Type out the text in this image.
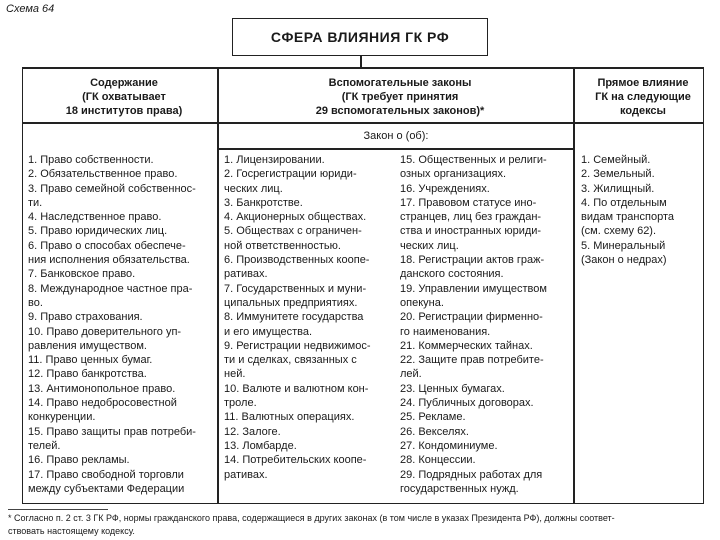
Схема 64
СФЕРА ВЛИЯНИЯ ГК РФ
Содержание
(ГК охватывает
18 институтов права)
1. Право собственности.
2. Обязательственное право.
3. Право семейной собственнос-
ти.
4. Наследственное право.
5. Право юридических лиц.
6. Право о способах обеспече-
ния исполнения обязательства.
7. Банковское право.
8. Международное частное пра-
во.
9. Право страхования.
10. Право доверительного уп-
равления имуществом.
11. Право ценных бумаг.
12. Право банкротства.
13. Антимонопольное право.
14. Право недобросовестной
конкуренции.
15. Право защиты прав потреби-
телей.
16. Право рекламы.
17. Право свободной торговли
между субъектами Федерации
Вспомогательные законы
(ГК требует принятия
29 вспомогательных законов)*
Закон о (об):
1. Лицензировании.
2. Госрегистрации юриди-
ческих лиц.
3. Банкротстве.
4. Акционерных обществах.
5. Обществах с ограничен-
ной ответственностью.
6. Производственных коопе-
ративах.
7. Государственных и муни-
ципальных предприятиях.
8. Иммунитете государства
и его имущества.
9. Регистрации недвижимос-
ти и сделках, связанных с
ней.
10. Валюте и валютном кон-
троле.
11. Валютных операциях.
12. Залоге.
13. Ломбарде.
14. Потребительских коопе-
ративах.
15. Общественных и религи-
озных организациях.
16. Учреждениях.
17. Правовом статусе ино-
странцев, лиц без граждан-
ства и иностранных юриди-
ческих лиц.
18. Регистрации актов граж-
данского состояния.
19. Управлении имуществом
опекуна.
20. Регистрации фирменно-
го наименования.
21. Коммерческих тайнах.
22. Защите прав потребите-
лей.
23. Ценных бумагах.
24. Публичных договорах.
25. Рекламе.
26. Векселях.
27. Кондоминиуме.
28. Концессии.
29. Подрядных работах для
государственных нужд.
Прямое влияние
ГК на следующие
кодексы
1. Семейный.
2. Земельный.
3. Жилищный.
4. По отдельным
видам транспорта
(см. схему 62).
5. Минеральный
(Закон о недрах)
* Согласно п. 2 ст. 3 ГК РФ, нормы гражданского права, содержащиеся в других законах (в том числе в указах Президента РФ), должны соответ-
ствовать настоящему кодексу.
